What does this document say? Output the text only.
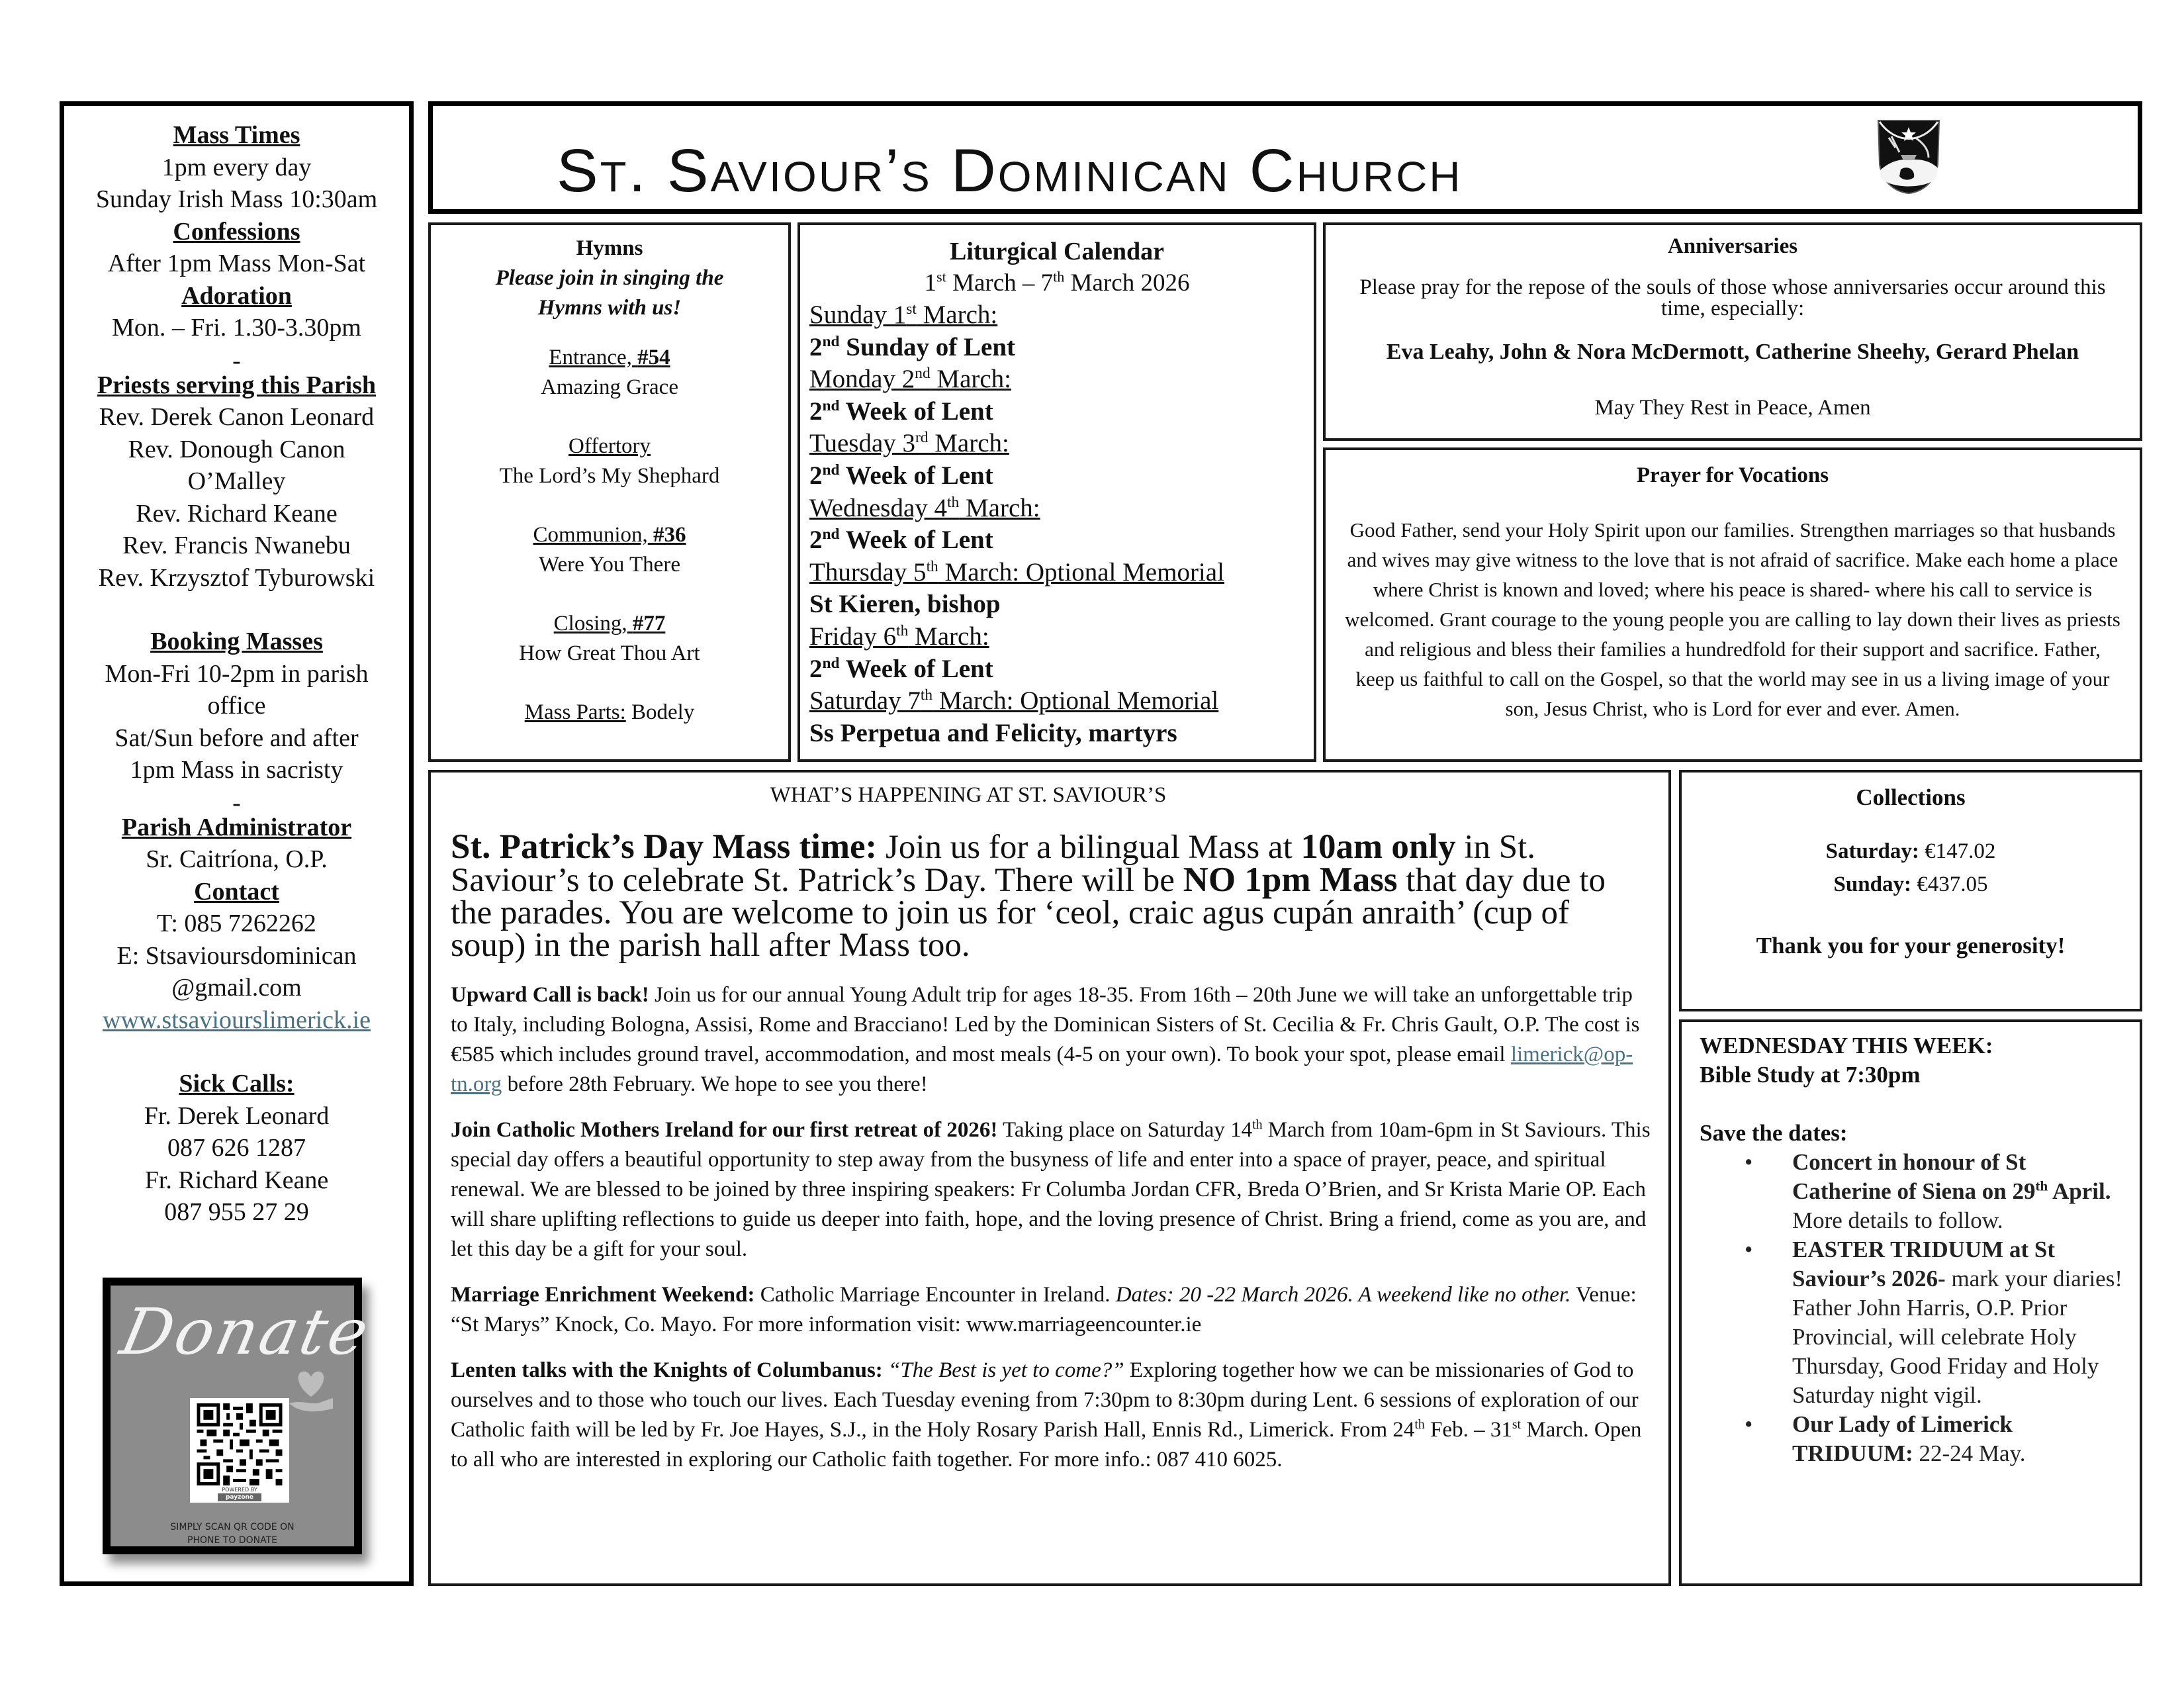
Mass Times
1pm every day
Sunday Irish Mass 10:30am
Confessions
After 1pm Mass Mon-Sat
Adoration
Mon. – Fri. 1.30-3.30pm
-
Priests serving this Parish
Rev. Derek Canon Leonard
Rev. Donough Canon
O’Malley
Rev. Richard Keane
Rev. Francis Nwanebu
Rev. Krzysztof Tyburowski
Booking Masses
Mon-Fri 10-2pm in parish
office
Sat/Sun before and after
1pm Mass in sacristy
-
Parish Administrator
Sr. Caitríona, O.P.
Contact
T: 085 7262262
E: Stsavioursdominican
@gmail.com
www.stsaviourslimerick.ie
Sick Calls:
Fr. Derek Leonard
087 626 1287
Fr. Richard Keane
087 955 27 29
Donate
POWERED BY
payzone
SIMPLY SCAN QR CODE ON
PHONE TO DONATE
St. Saviour’s Dominican Church
Hymns
Please join in singing the
Hymns with us!
Entrance, #54
Amazing Grace
Offertory
The Lord’s My Shephard
Communion, #36
Were You There
Closing, #77
How Great Thou Art
Mass Parts: Bodely
Liturgical Calendar
1st March – 7th March 2026
Sunday 1st March:
2nd Sunday of Lent
Monday 2nd March:
2nd Week of Lent
Tuesday 3rd March:
2nd Week of Lent
Wednesday 4th March:
2nd Week of Lent
Thursday 5th March: Optional Memorial
St Kieren, bishop
Friday 6th March:
2nd Week of Lent
Saturday 7th March: Optional Memorial
Ss Perpetua and Felicity, martyrs
Anniversaries
Please pray for the repose of the souls of those whose anniversaries occur around this time, especially:
Eva Leahy, John & Nora McDermott, Catherine Sheehy, Gerard Phelan
May They Rest in Peace, Amen
Prayer for Vocations
Good Father, send your Holy Spirit upon our families. Strengthen marriages so that husbands and wives may give witness to the love that is not afraid of sacrifice. Make each home a place where Christ is known and loved; where his peace is shared- where his call to service is welcomed. Grant courage to the young people you are calling to lay down their lives as priests and religious and bless their families a hundredfold for their support and sacrifice. Father, keep us faithful to call on the Gospel, so that the world may see in us a living image of your son, Jesus Christ, who is Lord for ever and ever. Amen.
WHAT’S HAPPENING AT ST. SAVIOUR’S
St. Patrick’s Day Mass time: Join us for a bilingual Mass at 10am only in St. Saviour’s to celebrate St. Patrick’s Day. There will be NO 1pm Mass that day due to the parades. You are welcome to join us for ‘ceol, craic agus cupán anraith’ (cup of soup) in the parish hall after Mass too.
Upward Call is back! Join us for our annual Young Adult trip for ages 18-35. From 16th – 20th June we will take an unforgettable trip to Italy, including Bologna, Assisi, Rome and Bracciano! Led by the Dominican Sisters of St. Cecilia & Fr. Chris Gault, O.P. The cost is €585 which includes ground travel, accommodation, and most meals (4-5 on your own). To book your spot, please email limerick@op-tn.org before 28th February. We hope to see you there!
Join Catholic Mothers Ireland for our first retreat of 2026! Taking place on Saturday 14th March from 10am-6pm in St Saviours. This special day offers a beautiful opportunity to step away from the busyness of life and enter into a space of prayer, peace, and spiritual renewal. We are blessed to be joined by three inspiring speakers: Fr Columba Jordan CFR, Breda O’Brien, and Sr Krista Marie OP. Each will share uplifting reflections to guide us deeper into faith, hope, and the loving presence of Christ. Bring a friend, come as you are, and let this day be a gift for your soul.
Marriage Enrichment Weekend: Catholic Marriage Encounter in Ireland. Dates: 20 -22 March 2026. A weekend like no other. Venue: “St Marys” Knock, Co. Mayo. For more information visit: www.marriageencounter.ie
Lenten talks with the Knights of Columbanus: “The Best is yet to come?” Exploring together how we can be missionaries of God to ourselves and to those who touch our lives. Each Tuesday evening from 7:30pm to 8:30pm during Lent. 6 sessions of exploration of our Catholic faith will be led by Fr. Joe Hayes, S.J., in the Holy Rosary Parish Hall, Ennis Rd., Limerick. From 24th Feb. – 31st March. Open to all who are interested in exploring our Catholic faith together. For more info.: 087 410 6025.
Collections
Saturday: €147.02
Sunday: €437.05
Thank you for your generosity!
WEDNESDAY THIS WEEK:
Bible Study at 7:30pm
Save the dates:
• Concert in honour of St Catherine of Siena on 29th April. More details to follow.
• EASTER TRIDUUM at St Saviour’s 2026- mark your diaries! Father John Harris, O.P. Prior Provincial, will celebrate Holy Thursday, Good Friday and Holy Saturday night vigil.
• Our Lady of Limerick TRIDUUM: 22-24 May.
